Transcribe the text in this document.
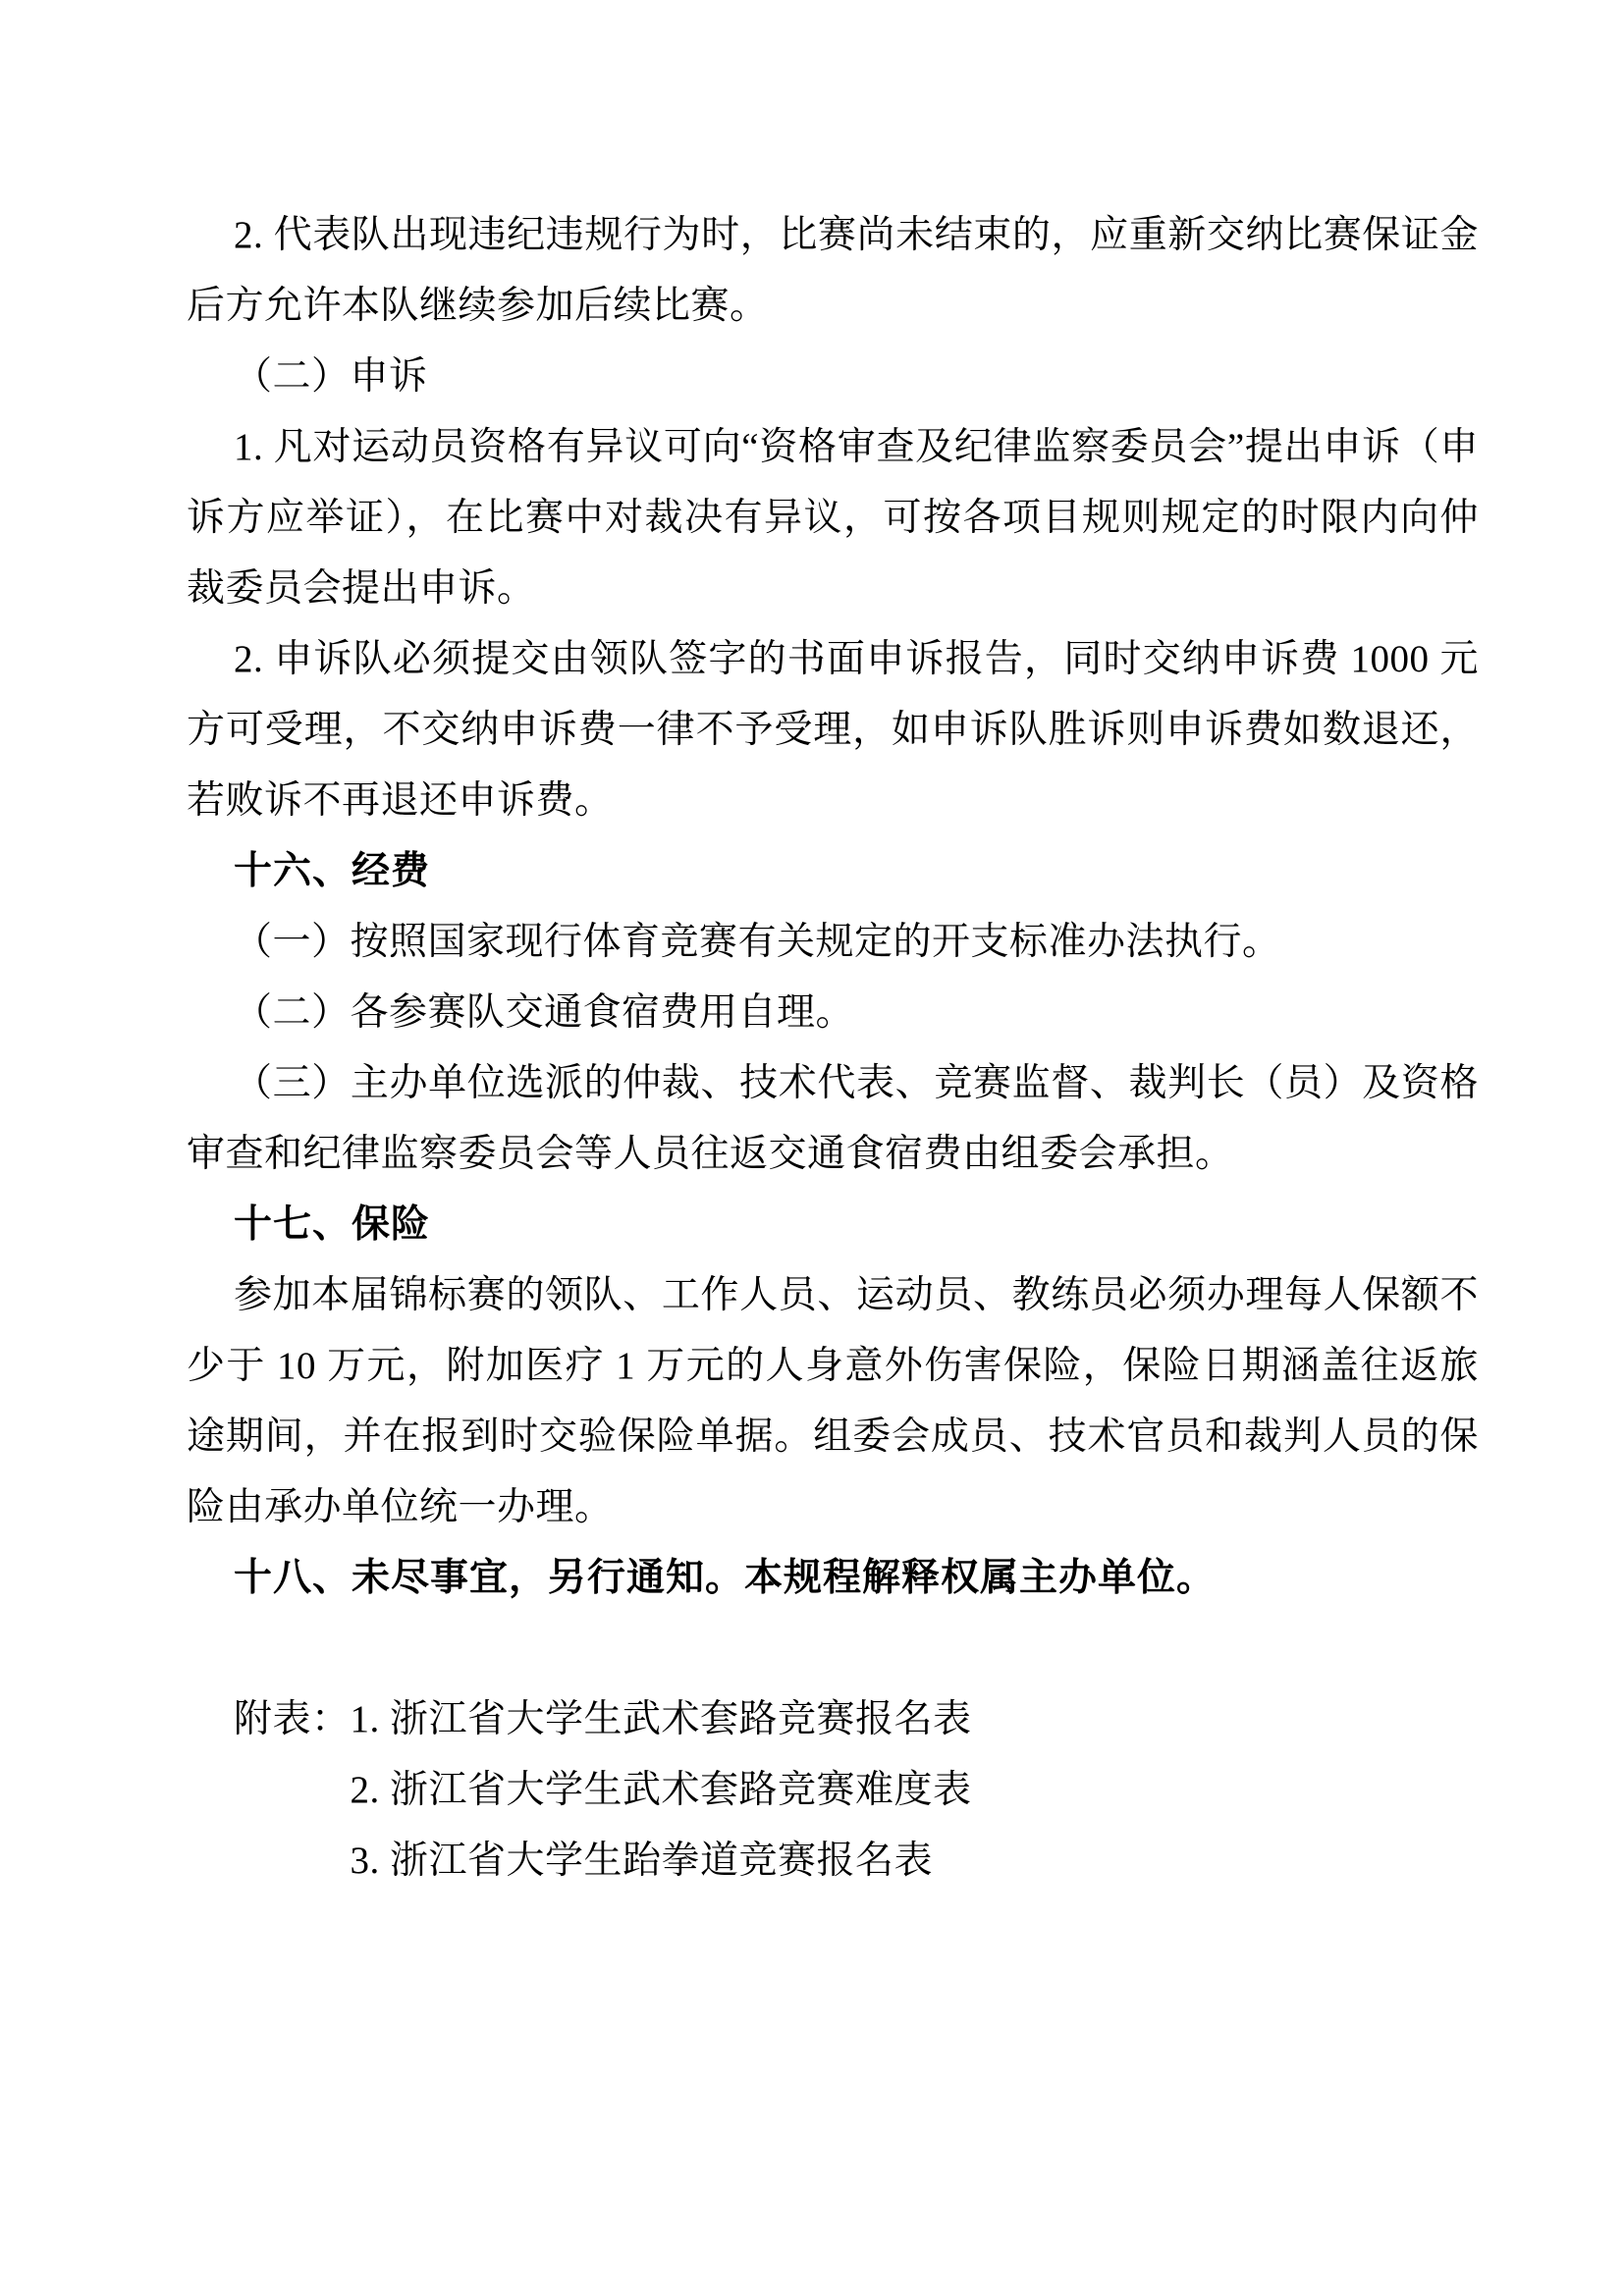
2. 代表队出现违纪违规行为时，比赛尚未结束的，应重新交纳比赛保证金后方允许本队继续参加后续比赛。

（二）申诉

1. 凡对运动员资格有异议可向“资格审查及纪律监察委员会”提出申诉（申诉方应举证），在比赛中对裁决有异议，可按各项目规则规定的时限内向仲裁委员会提出申诉。

2. 申诉队必须提交由领队签字的书面申诉报告，同时交纳申诉费 1000 元方可受理，不交纳申诉费一律不予受理，如申诉队胜诉则申诉费如数退还，若败诉不再退还申诉费。

十六、经费

（一）按照国家现行体育竞赛有关规定的开支标准办法执行。

（二）各参赛队交通食宿费用自理。

（三）主办单位选派的仲裁、技术代表、竞赛监督、裁判长（员）及资格审查和纪律监察委员会等人员往返交通食宿费由组委会承担。

十七、保险

参加本届锦标赛的领队、工作人员、运动员、教练员必须办理每人保额不少于 10 万元，附加医疗 1 万元的人身意外伤害保险，保险日期涵盖往返旅途期间，并在报到时交验保险单据。组委会成员、技术官员和裁判人员的保险由承办单位统一办理。

十八、未尽事宜，另行通知。本规程解释权属主办单位。

附表： 1. 浙江省大学生武术套路竞赛报名表
2. 浙江省大学生武术套路竞赛难度表
3. 浙江省大学生跆拳道竞赛报名表
